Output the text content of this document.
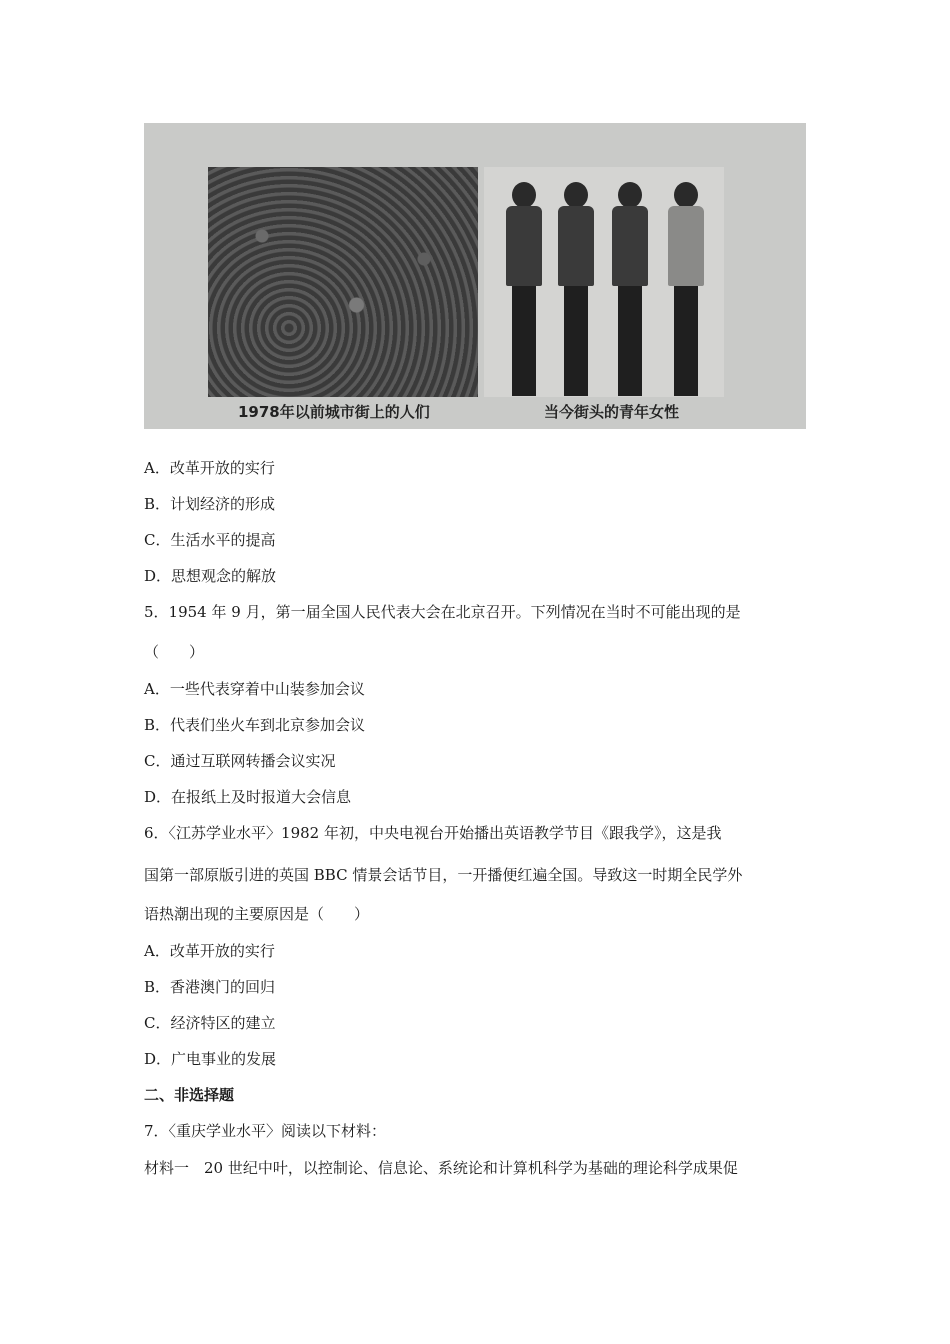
1978年以前城市街上的人们	当今街头的青年女性
A．改革开放的实行
B．计划经济的形成
C．生活水平的提高
D．思想观念的解放
5．1954 年 9 月，第一届全国人民代表大会在北京召开。下列情况在当时不可能出现的是
（　　）
A．一些代表穿着中山装参加会议
B．代表们坐火车到北京参加会议
C．通过互联网转播会议实况
D．在报纸上及时报道大会信息
6．〈江苏学业水平〉1982 年初，中央电视台开始播出英语教学节目《跟我学》，这是我
国第一部原版引进的英国 BBC 情景会话节目，一开播便红遍全国。导致这一时期全民学外
语热潮出现的主要原因是（　　）
A．改革开放的实行
B．香港澳门的回归
C．经济特区的建立
D．广电事业的发展
二、非选择题
7．〈重庆学业水平〉阅读以下材料：
材料一　20 世纪中叶，以控制论、信息论、系统论和计算机科学为基础的理论科学成果促
